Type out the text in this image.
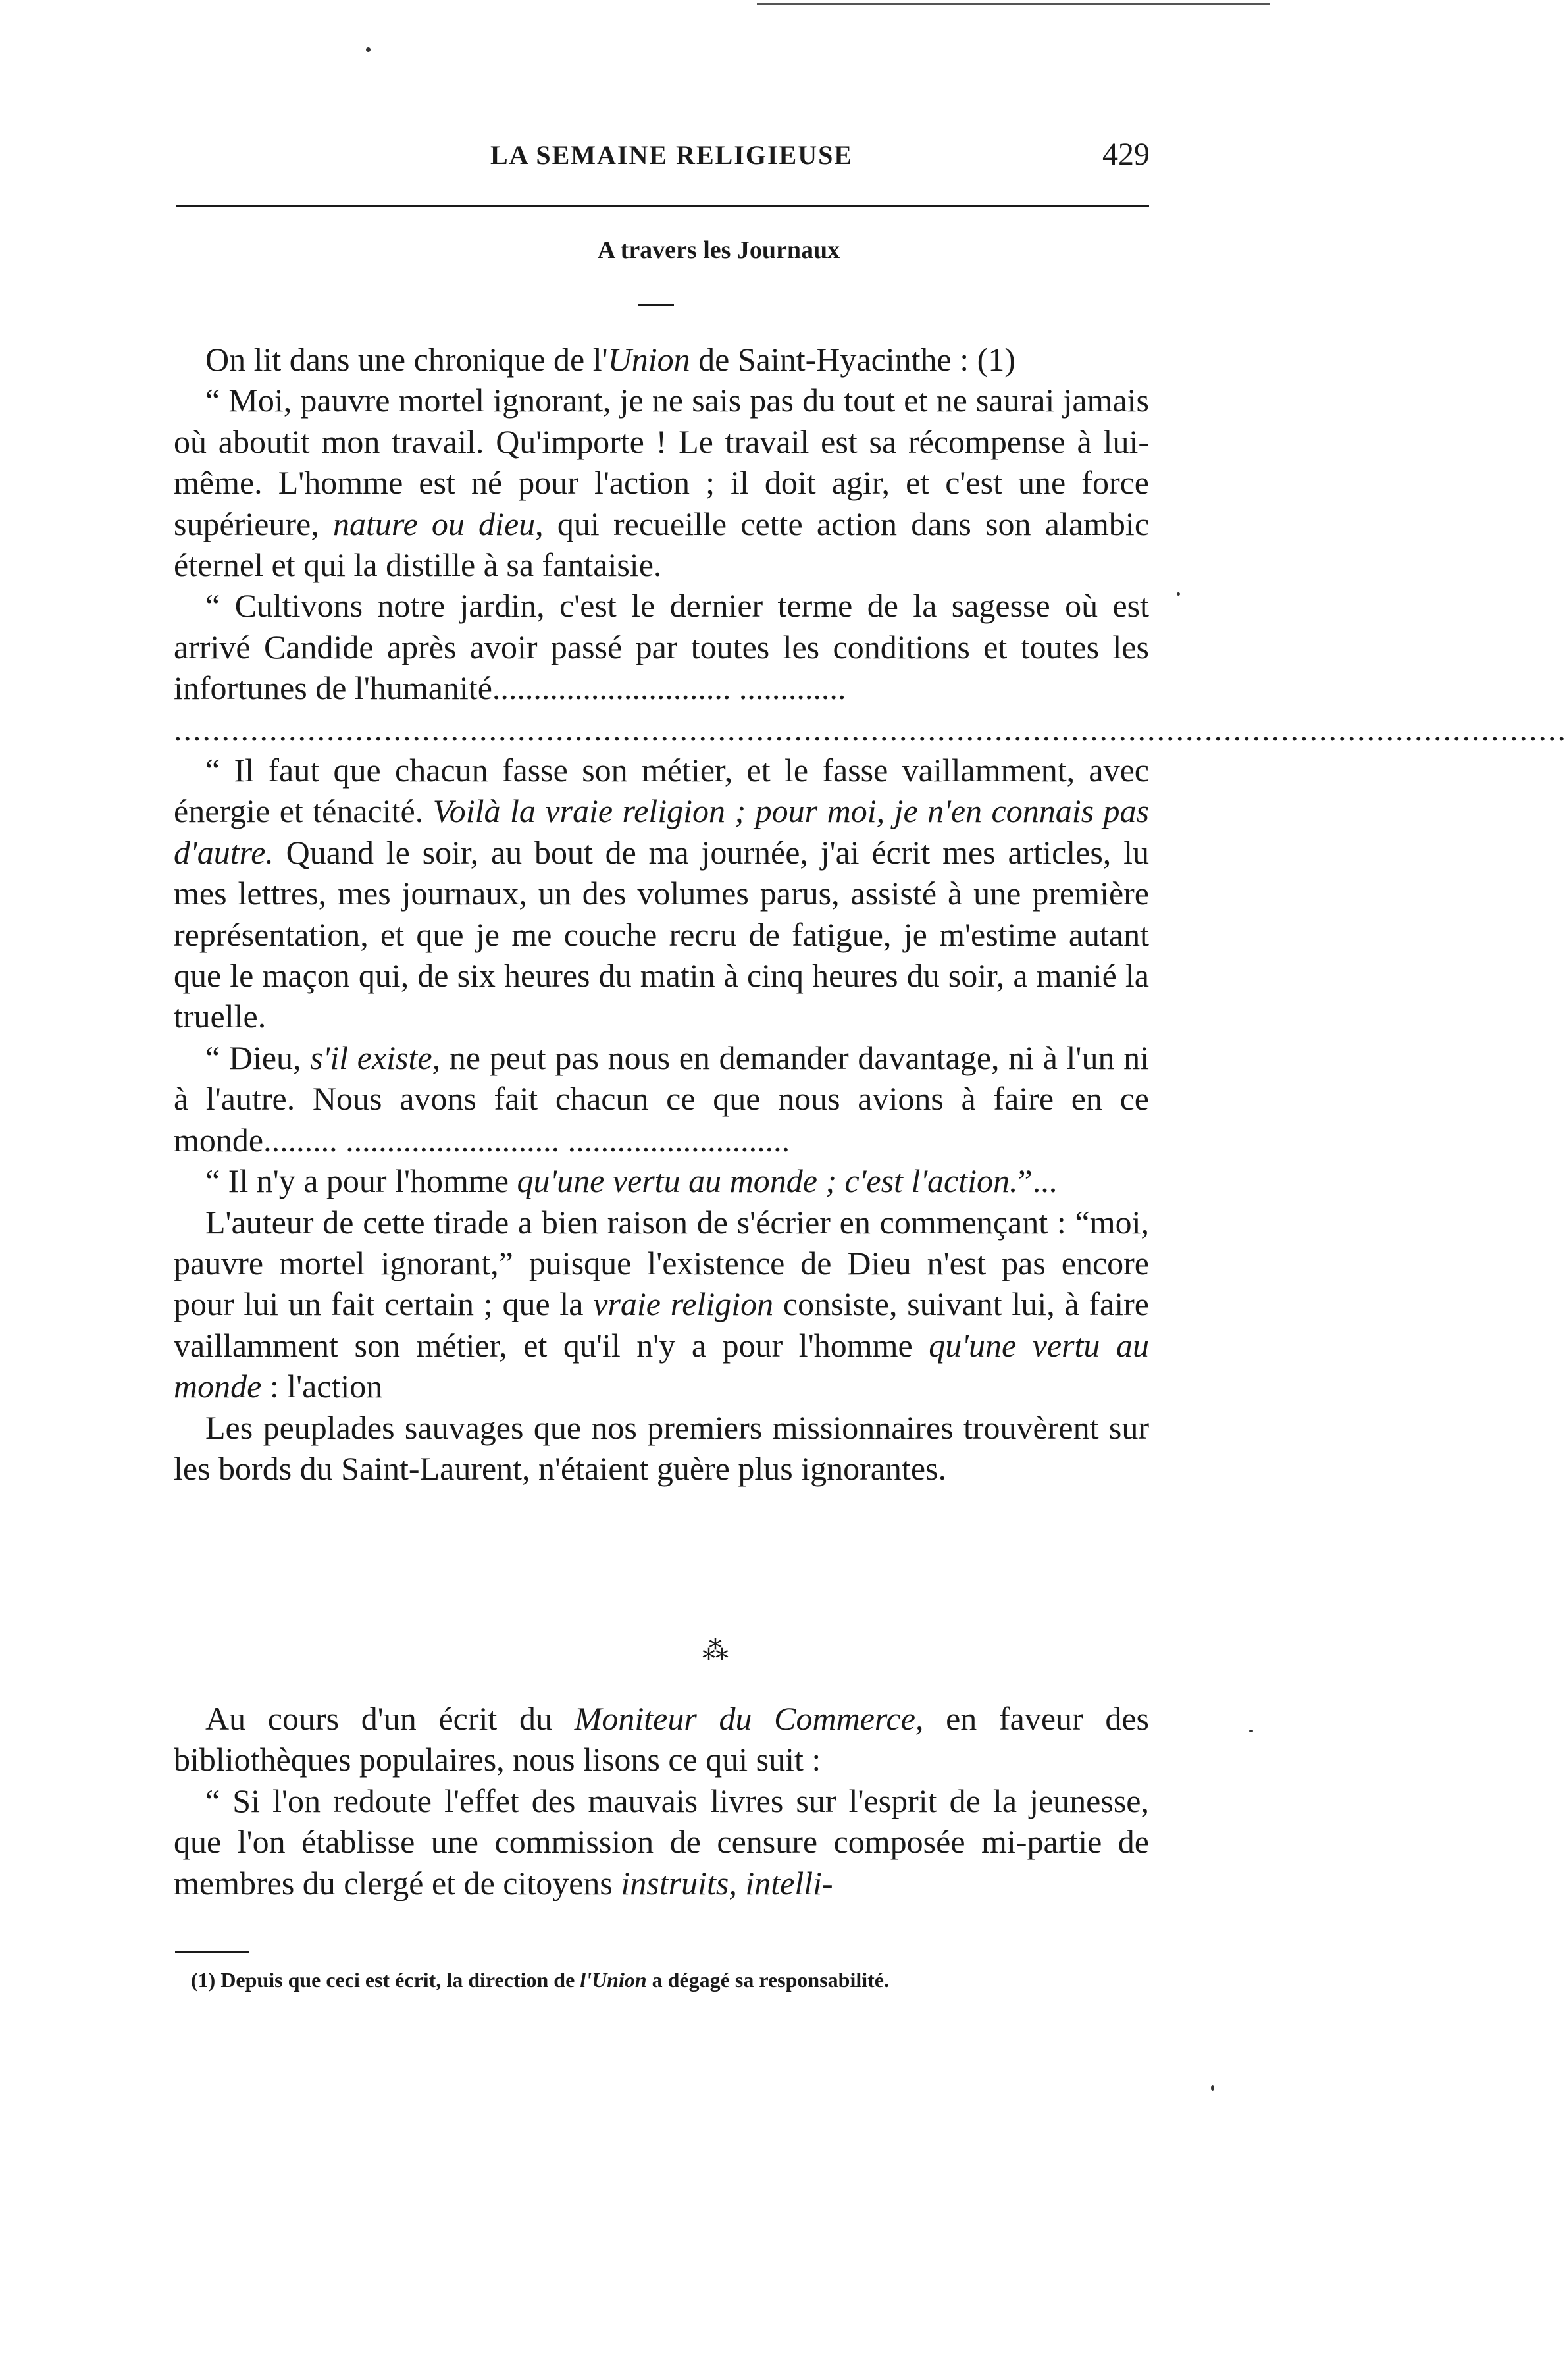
LA SEMAINE RELIGIEUSE	429
A travers les Journaux

On lit dans une chronique de l'Union de Saint-Hyacinthe : (1)

“ Moi, pauvre mortel ignorant, je ne sais pas du tout et ne saurai jamais où aboutit mon travail. Qu'importe ! Le travail est sa récompense à lui-même. L'homme est né pour l'action ; il doit agir, et c'est une force supérieure, nature ou dieu, qui recueille cette action dans son alambic éternel et qui la distille à sa fantaisie.

“ Cultivons notre jardin, c'est le dernier terme de la sagesse où est arrivé Candide après avoir passé par toutes les conditions et toutes les infortunes de l'humanité............................. .............

..................................................................................................................................................

“ Il faut que chacun fasse son métier, et le fasse vaillamment, avec énergie et ténacité. Voilà la vraie religion ; pour moi, je n'en connais pas d'autre. Quand le soir, au bout de ma journée, j'ai écrit mes articles, lu mes lettres, mes journaux, un des volumes parus, assisté à une première représentation, et que je me couche recru de fatigue, je m'estime autant que le maçon qui, de six heures du matin à cinq heures du soir, a manié la truelle.

“ Dieu, s'il existe, ne peut pas nous en demander davantage, ni à l'un ni à l'autre. Nous avons fait chacun ce que nous avions à faire en ce monde......... .......................... ...........................

“ Il n'y a pour l'homme qu'une vertu au monde ; c'est l'action.”...

L'auteur de cette tirade a bien raison de s'écrier en commençant : “moi, pauvre mortel ignorant,” puisque l'existence de Dieu n'est pas encore pour lui un fait certain ; que la vraie religion consiste, suivant lui, à faire vaillamment son métier, et qu'il n'y a pour l'homme qu'une vertu au monde : l'action

Les peuplades sauvages que nos premiers missionnaires trouvèrent sur les bords du Saint-Laurent, n'étaient guère plus ignorantes.

⁂

Au cours d'un écrit du Moniteur du Commerce, en faveur des bibliothèques populaires, nous lisons ce qui suit :

“ Si l'on redoute l'effet des mauvais livres sur l'esprit de la jeunesse, que l'on établisse une commission de censure composée mi-partie de membres du clergé et de citoyens instruits, intelli-

(1) Depuis que ceci est écrit, la direction de l'Union a dégagé sa responsabilité.
